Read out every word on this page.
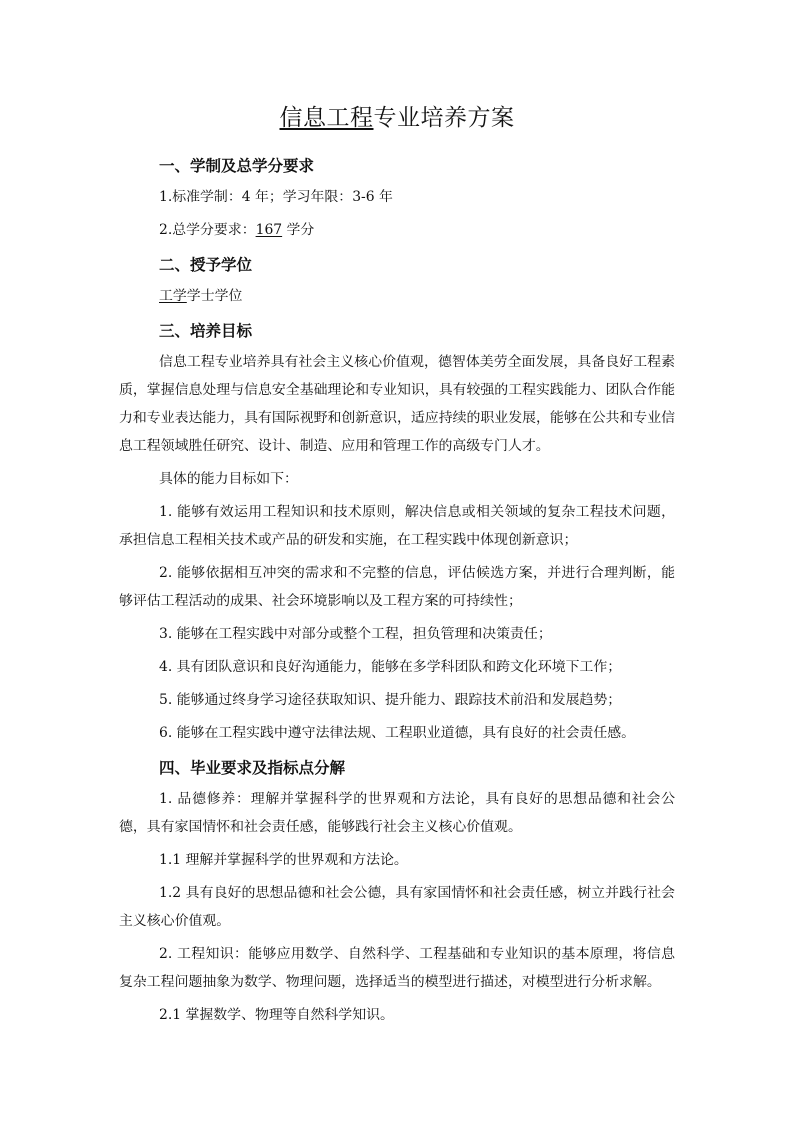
信息工程专业培养方案
一、学制及总学分要求

1.标准学制：4 年；学习年限：3-6 年

2.总学分要求：167 学分

二、授予学位

工学学士学位

三、培养目标

信息工程专业培养具有社会主义核心价值观，德智体美劳全面发展，具备良好工程素质，掌握信息处理与信息安全基础理论和专业知识，具有较强的工程实践能力、团队合作能力和专业表达能力，具有国际视野和创新意识，适应持续的职业发展，能够在公共和专业信息工程领域胜任研究、设计、制造、应用和管理工作的高级专门人才。

具体的能力目标如下：

1. 能够有效运用工程知识和技术原则，解决信息或相关领域的复杂工程技术问题，承担信息工程相关技术或产品的研发和实施，在工程实践中体现创新意识；

2. 能够依据相互冲突的需求和不完整的信息，评估候选方案，并进行合理判断，能够评估工程活动的成果、社会环境影响以及工程方案的可持续性；

3. 能够在工程实践中对部分或整个工程，担负管理和决策责任；

4. 具有团队意识和良好沟通能力，能够在多学科团队和跨文化环境下工作；

5. 能够通过终身学习途径获取知识、提升能力、跟踪技术前沿和发展趋势；

6. 能够在工程实践中遵守法律法规、工程职业道德，具有良好的社会责任感。

四、毕业要求及指标点分解

1. 品德修养：理解并掌握科学的世界观和方法论，具有良好的思想品德和社会公德，具有家国情怀和社会责任感，能够践行社会主义核心价值观。

1.1 理解并掌握科学的世界观和方法论。

1.2 具有良好的思想品德和社会公德，具有家国情怀和社会责任感，树立并践行社会主义核心价值观。

2. 工程知识：能够应用数学、自然科学、工程基础和专业知识的基本原理，将信息复杂工程问题抽象为数学、物理问题，选择适当的模型进行描述，对模型进行分析求解。

2.1 掌握数学、物理等自然科学知识。
